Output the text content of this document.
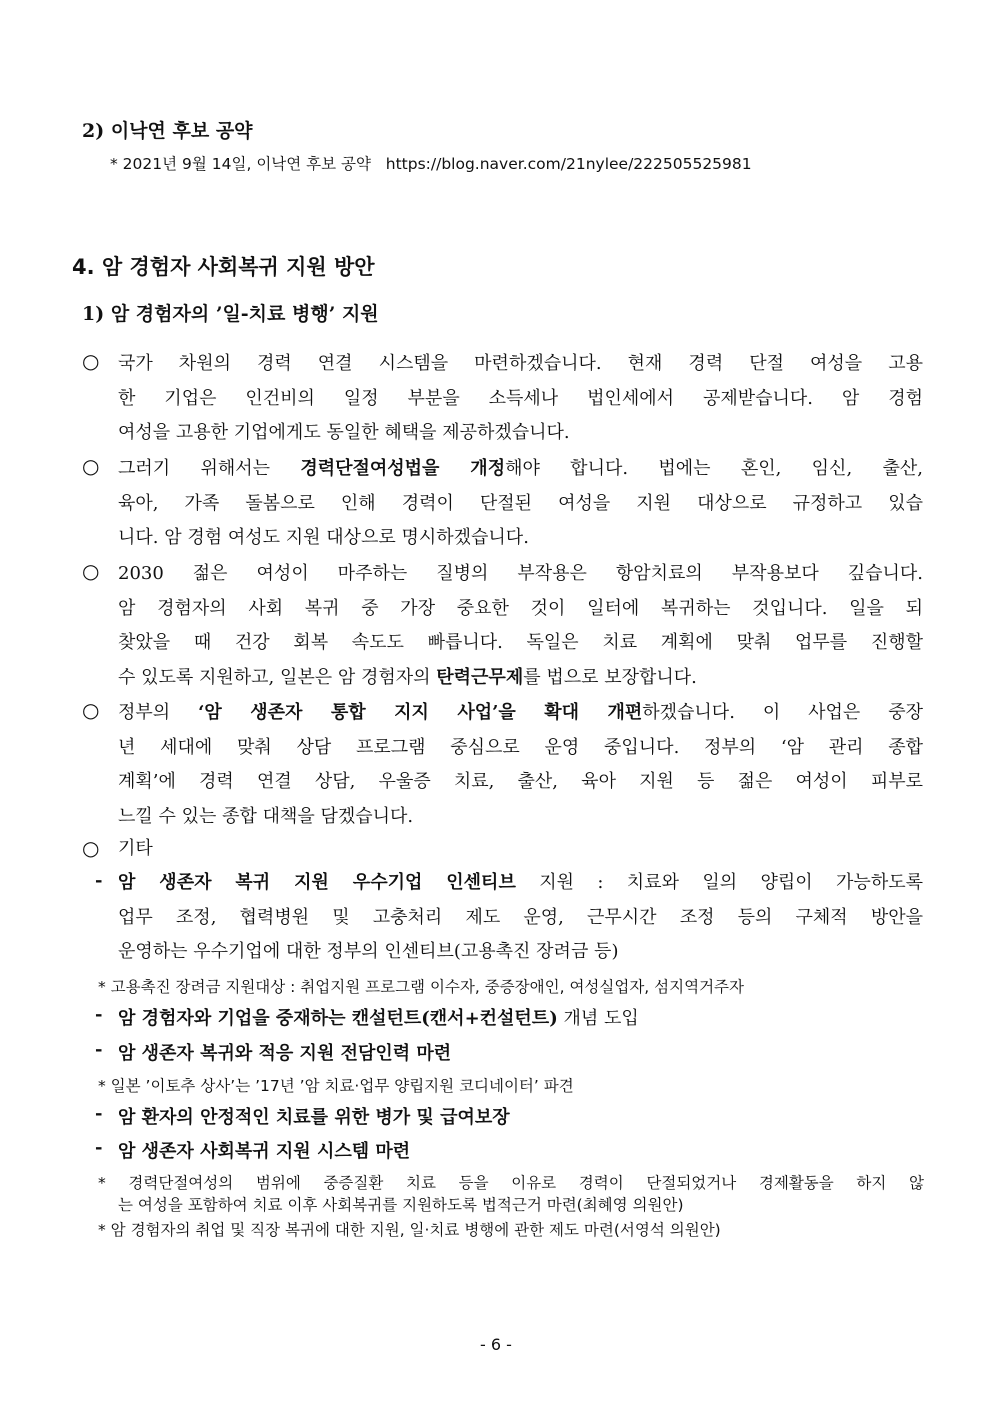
2) 이낙연 후보 공약
* 2021년 9월 14일, 이낙연 후보 공약   https://blog.naver.com/21nylee/222505525981
4. 암 경험자 사회복귀 지원 방안
1) 암 경험자의 ’일-치료 병행’ 지원
○ 국가 차원의 경력 연결 시스템을 마련하겠습니다. 현재 경력 단절 여성을 고용
한 기업은 인건비의 일정 부분을 소득세나 법인세에서 공제받습니다. 암 경험
여성을 고용한 기업에게도 동일한 혜택을 제공하겠습니다.
○ 그러기 위해서는 경력단절여성법을 개정해야 합니다. 법에는 혼인, 임신, 출산,
육아, 가족 돌봄으로 인해 경력이 단절된 여성을 지원 대상으로 규정하고 있습
니다. 암 경험 여성도 지원 대상으로 명시하겠습니다.
○ 2030 젊은 여성이 마주하는 질병의 부작용은 항암치료의 부작용보다 깊습니다.
암 경험자의 사회 복귀 중 가장 중요한 것이 일터에 복귀하는 것입니다. 일을 되
찾았을 때 건강 회복 속도도 빠릅니다. 독일은 치료 계획에 맞춰 업무를 진행할
수 있도록 지원하고, 일본은 암 경험자의 탄력근무제를 법으로 보장합니다.
○ 정부의 ‘암 생존자 통합 지지 사업’을 확대 개편하겠습니다. 이 사업은 중장
년 세대에 맞춰 상담 프로그램 중심으로 운영 중입니다. 정부의 ‘암 관리 종합
계획’에 경력 연결 상담, 우울증 치료, 출산, 육아 지원 등 젊은 여성이 피부로
느낄 수 있는 종합 대책을 담겠습니다.
○ 기타
- 암 생존자 복귀 지원 우수기업 인센티브 지원 : 치료와 일의 양립이 가능하도록
업무 조정, 협력병원 및 고충처리 제도 운영, 근무시간 조정 등의 구체적 방안을
운영하는 우수기업에 대한 정부의 인센티브(고용촉진 장려금 등)
* 고용촉진 장려금 지원대상 : 취업지원 프로그램 이수자, 중증장애인, 여성실업자, 섬지역거주자
- 암 경험자와 기업을 중재하는 캔설턴트(캔서+컨설턴트) 개념 도입
- 암 생존자 복귀와 적응 지원 전담인력 마련
* 일본 ’이토추 상사’는 ’17년 ’암 치료·업무 양립지원 코디네이터’ 파견
- 암 환자의 안정적인 치료를 위한 병가 및 급여보장
- 암 생존자 사회복귀 지원 시스템 마련
* 경력단절여성의 범위에 중증질환 치료 등을 이유로 경력이 단절되었거나 경제활동을 하지 않
는 여성을 포함하여 치료 이후 사회복귀를 지원하도록 법적근거 마련(최혜영 의원안)
* 암 경험자의 취업 및 직장 복귀에 대한 지원, 일·치료 병행에 관한 제도 마련(서영석 의원안)
- 6 -
